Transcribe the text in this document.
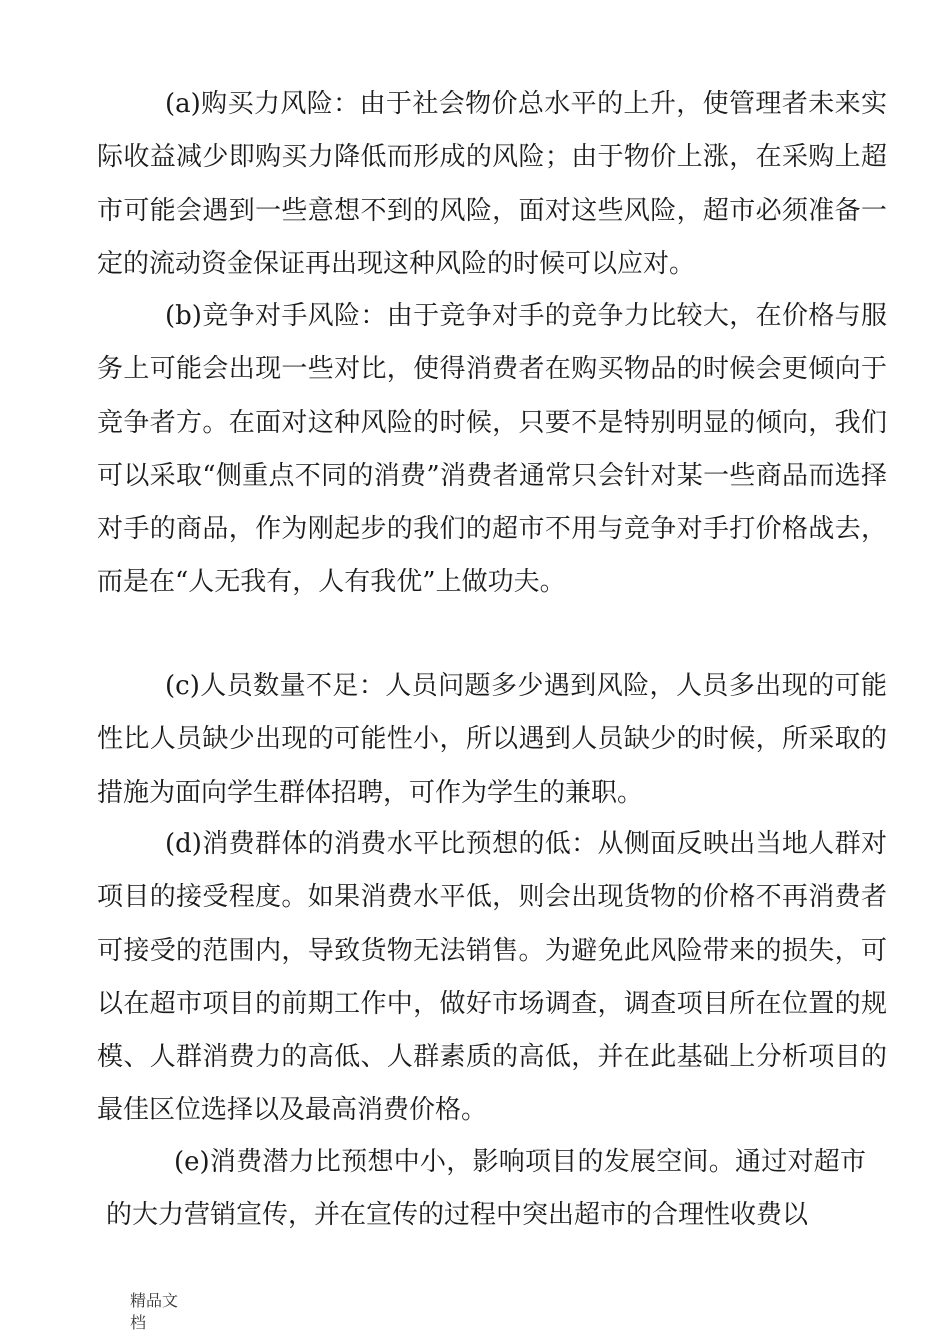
(a)购买力风险：由于社会物价总水平的上升，使管理者未来实际收益减少即购买力降低而形成的风险；由于物价上涨，在采购上超市可能会遇到一些意想不到的风险，面对这些风险，超市必须准备一定的流动资金保证再出现这种风险的时候可以应对。

(b)竞争对手风险：由于竞争对手的竞争力比较大，在价格与服务上可能会出现一些对比，使得消费者在购买物品的时候会更倾向于竞争者方。在面对这种风险的时候，只要不是特别明显的倾向，我们可以采取“侧重点不同的消费”消费者通常只会针对某一些商品而选择对手的商品，作为刚起步的我们的超市不用与竞争对手打价格战去，而是在“人无我有，人有我优”上做功夫。

(c)人员数量不足：人员问题多少遇到风险，人员多出现的可能性比人员缺少出现的可能性小，所以遇到人员缺少的时候，所采取的措施为面向学生群体招聘，可作为学生的兼职。

(d)消费群体的消费水平比预想的低：从侧面反映出当地人群对项目的接受程度。如果消费水平低，则会出现货物的价格不再消费者可接受的范围内，导致货物无法销售。为避免此风险带来的损失，可以在超市项目的前期工作中，做好市场调查，调查项目所在位置的规模、人群消费力的高低、人群素质的高低，并在此基础上分析项目的最佳区位选择以及最高消费价格。

(e)消费潜力比预想中小，影响项目的发展空间。通过对超市的大力营销宣传，并在宣传的过程中突出超市的合理性收费以

精品文档
